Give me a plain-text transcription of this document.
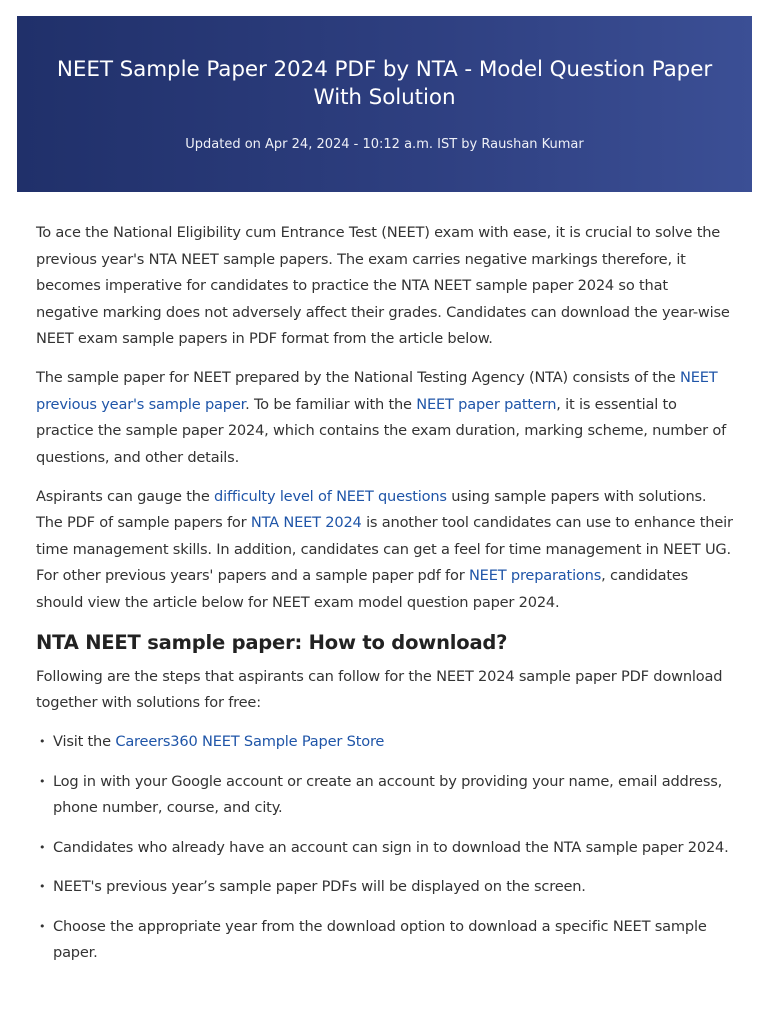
NEET Sample Paper 2024 PDF by NTA - Model Question Paper With Solution
Updated on Apr 24, 2024 - 10:12 a.m. IST by Raushan Kumar

To ace the National Eligibility cum Entrance Test (NEET) exam with ease, it is crucial to solve the previous year's NTA NEET sample papers. The exam carries negative markings therefore, it becomes imperative for candidates to practice the NTA NEET sample paper 2024 so that negative marking does not adversely affect their grades. Candidates can download the year-wise NEET exam sample papers in PDF format from the article below.

The sample paper for NEET prepared by the National Testing Agency (NTA) consists of the NEET previous year's sample paper. To be familiar with the NEET paper pattern, it is essential to practice the sample paper 2024, which contains the exam duration, marking scheme, number of questions, and other details.

Aspirants can gauge the difficulty level of NEET questions using sample papers with solutions. The PDF of sample papers for NTA NEET 2024 is another tool candidates can use to enhance their time management skills. In addition, candidates can get a feel for time management in NEET UG. For other previous years' papers and a sample paper pdf for NEET preparations, candidates should view the article below for NEET exam model question paper 2024.

NTA NEET sample paper: How to download?

Following are the steps that aspirants can follow for the NEET 2024 sample paper PDF download together with solutions for free:

• Visit the Careers360 NEET Sample Paper Store
• Log in with your Google account or create an account by providing your name, email address, phone number, course, and city.
• Candidates who already have an account can sign in to download the NTA sample paper 2024.
• NEET's previous year’s sample paper PDFs will be displayed on the screen.
• Choose the appropriate year from the download option to download a specific NEET sample paper.
